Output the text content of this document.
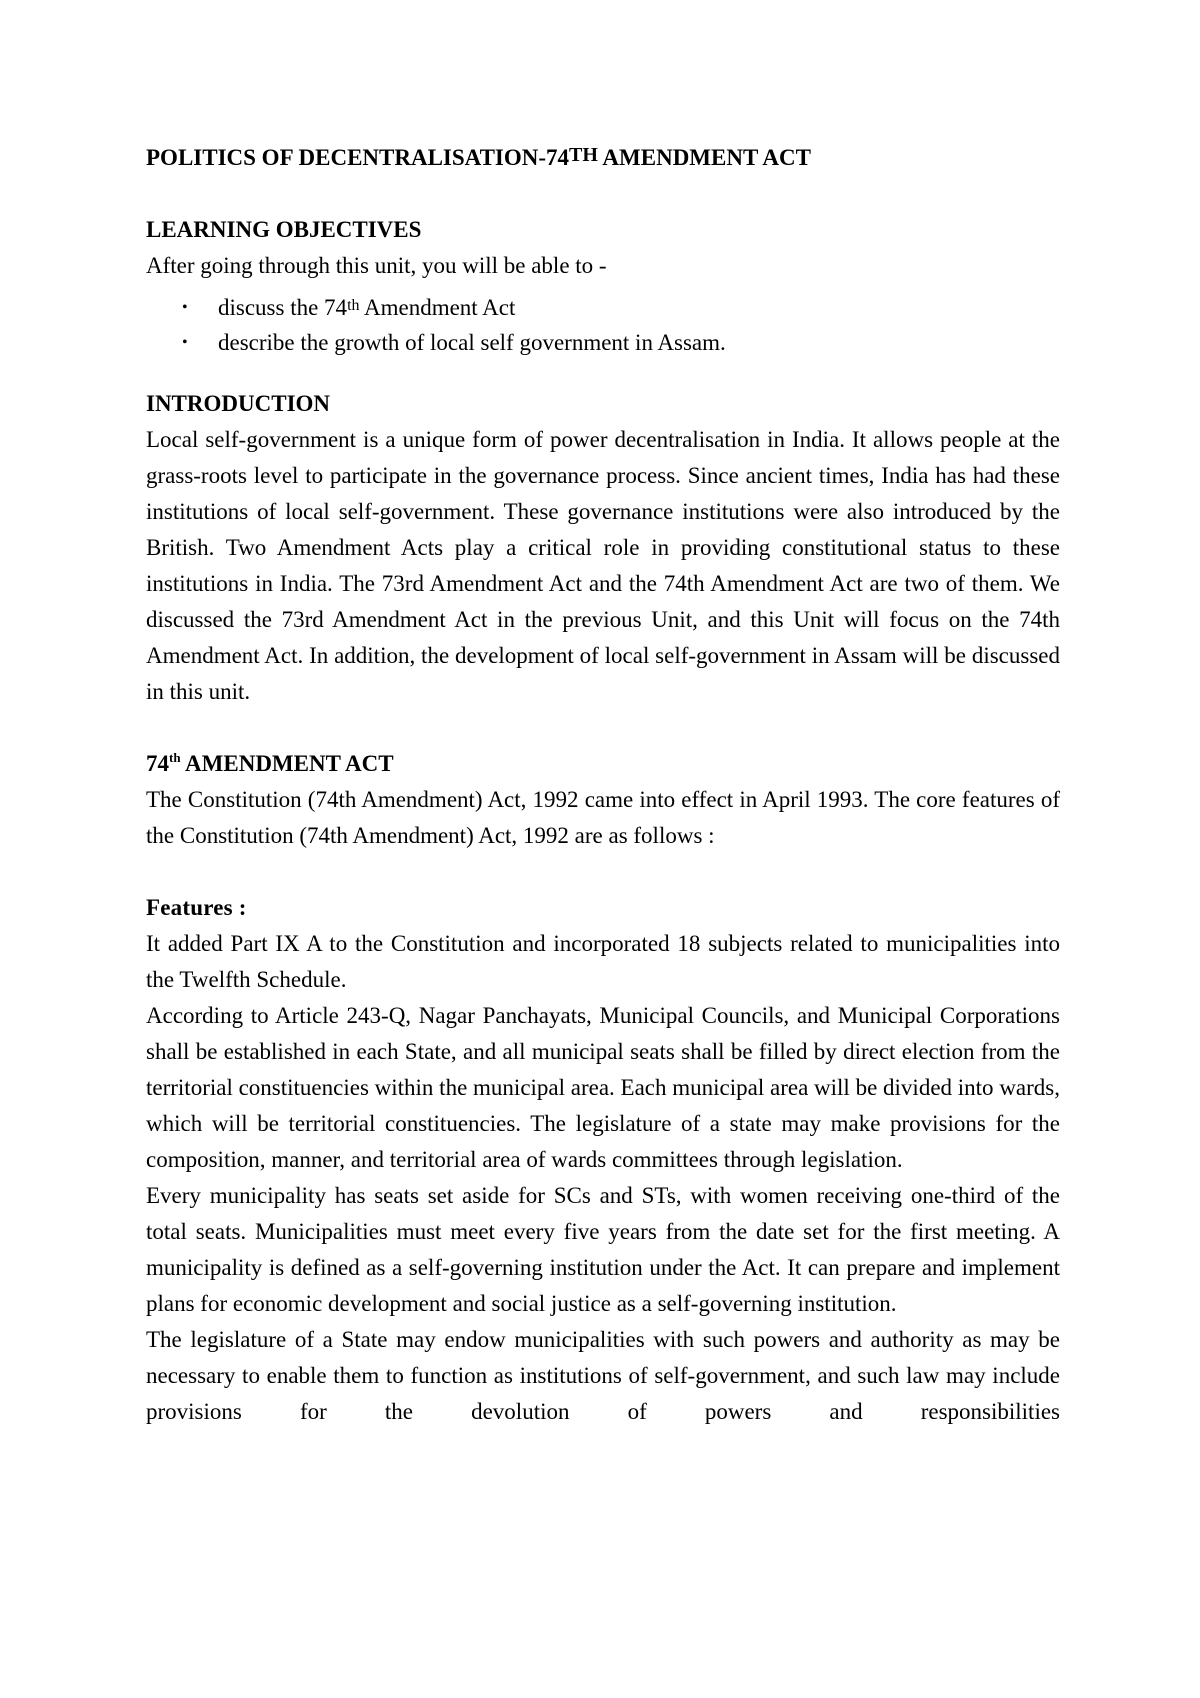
POLITICS OF DECENTRALISATION-74TH AMENDMENT ACT

LEARNING OBJECTIVES

After going through this unit, you will be able to -

• discuss the 74th Amendment Act
• describe the growth of local self government in Assam.

INTRODUCTION

Local self-government is a unique form of power decentralisation in India. It allows people at the grass-roots level to participate in the governance process. Since ancient times, India has had these institutions of local self-government. These governance institutions were also introduced by the British. Two Amendment Acts play a critical role in providing constitutional status to these institutions in India. The 73rd Amendment Act and the 74th Amendment Act are two of them. We discussed the 73rd Amendment Act in the previous Unit, and this Unit will focus on the 74th Amendment Act. In addition, the development of local self-government in Assam will be discussed in this unit.

74th AMENDMENT ACT

The Constitution (74th Amendment) Act, 1992 came into effect in April 1993. The core features of the Constitution (74th Amendment) Act, 1992 are as follows :

Features :

It added Part IX A to the Constitution and incorporated 18 subjects related to municipalities into the Twelfth Schedule.

According to Article 243-Q, Nagar Panchayats, Municipal Councils, and Municipal Corporations shall be established in each State, and all municipal seats shall be filled by direct election from the territorial constituencies within the municipal area. Each municipal area will be divided into wards, which will be territorial constituencies. The legislature of a state may make provisions for the composition, manner, and territorial area of wards committees through legislation.

Every municipality has seats set aside for SCs and STs, with women receiving one-third of the total seats. Municipalities must meet every five years from the date set for the first meeting. A municipality is defined as a self-governing institution under the Act. It can prepare and implement plans for economic development and social justice as a self-governing institution.

The legislature of a State may endow municipalities with such powers and authority as may be necessary to enable them to function as institutions of self-government, and such law may include provisions for the devolution of powers and responsibilities
